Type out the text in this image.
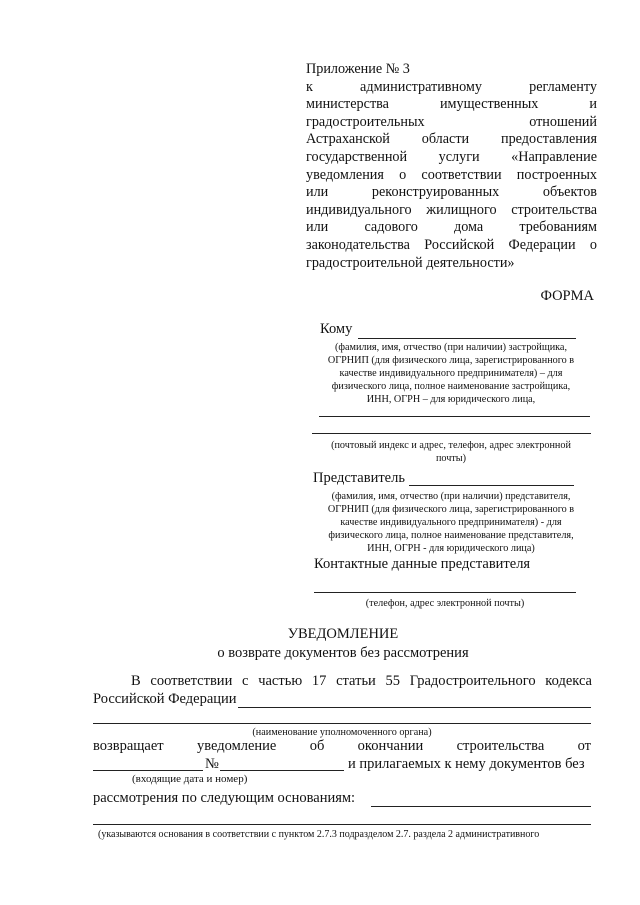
Приложение № 3
к административному регламенту
министерства имущественных и
градостроительных отношений
Астраханской области предоставления
государственной услуги «Направление
уведомления о соответствии построенных
или реконструированных объектов
индивидуального жилищного строительства
или садового дома требованиям
законодательства Российской Федерации о
градостроительной деятельности»
ФОРМА
Кому
(фамилия, имя, отчество (при наличии) застройщика,
ОГРНИП (для физического лица, зарегистрированного в
качестве индивидуального предпринимателя) – для
физического лица, полное наименование застройщика,
ИНН, ОГРН – для юридического лица,
(почтовый индекс и адрес, телефон, адрес электронной
почты)
Представитель
(фамилия, имя, отчество (при наличии) представителя,
ОГРНИП (для физического лица, зарегистрированного в
качестве индивидуального предпринимателя) - для
физического лица, полное наименование представителя,
ИНН, ОГРН - для юридического лица)
Контактные данные представителя
(телефон, адрес электронной почты)
УВЕДОМЛЕНИЕ
о возврате документов без рассмотрения
В соответствии с частью 17 статьи 55 Градостроительного кодекса
Российской Федерации
(наименование уполномоченного органа)
возвращает уведомление об окончании строительства от
№	и прилагаемых к нему документов без
(входящие дата и номер)
рассмотрения по следующим основаниям:
(указываются основания в соответствии с пунктом 2.7.3 подразделом 2.7. раздела 2 административного
